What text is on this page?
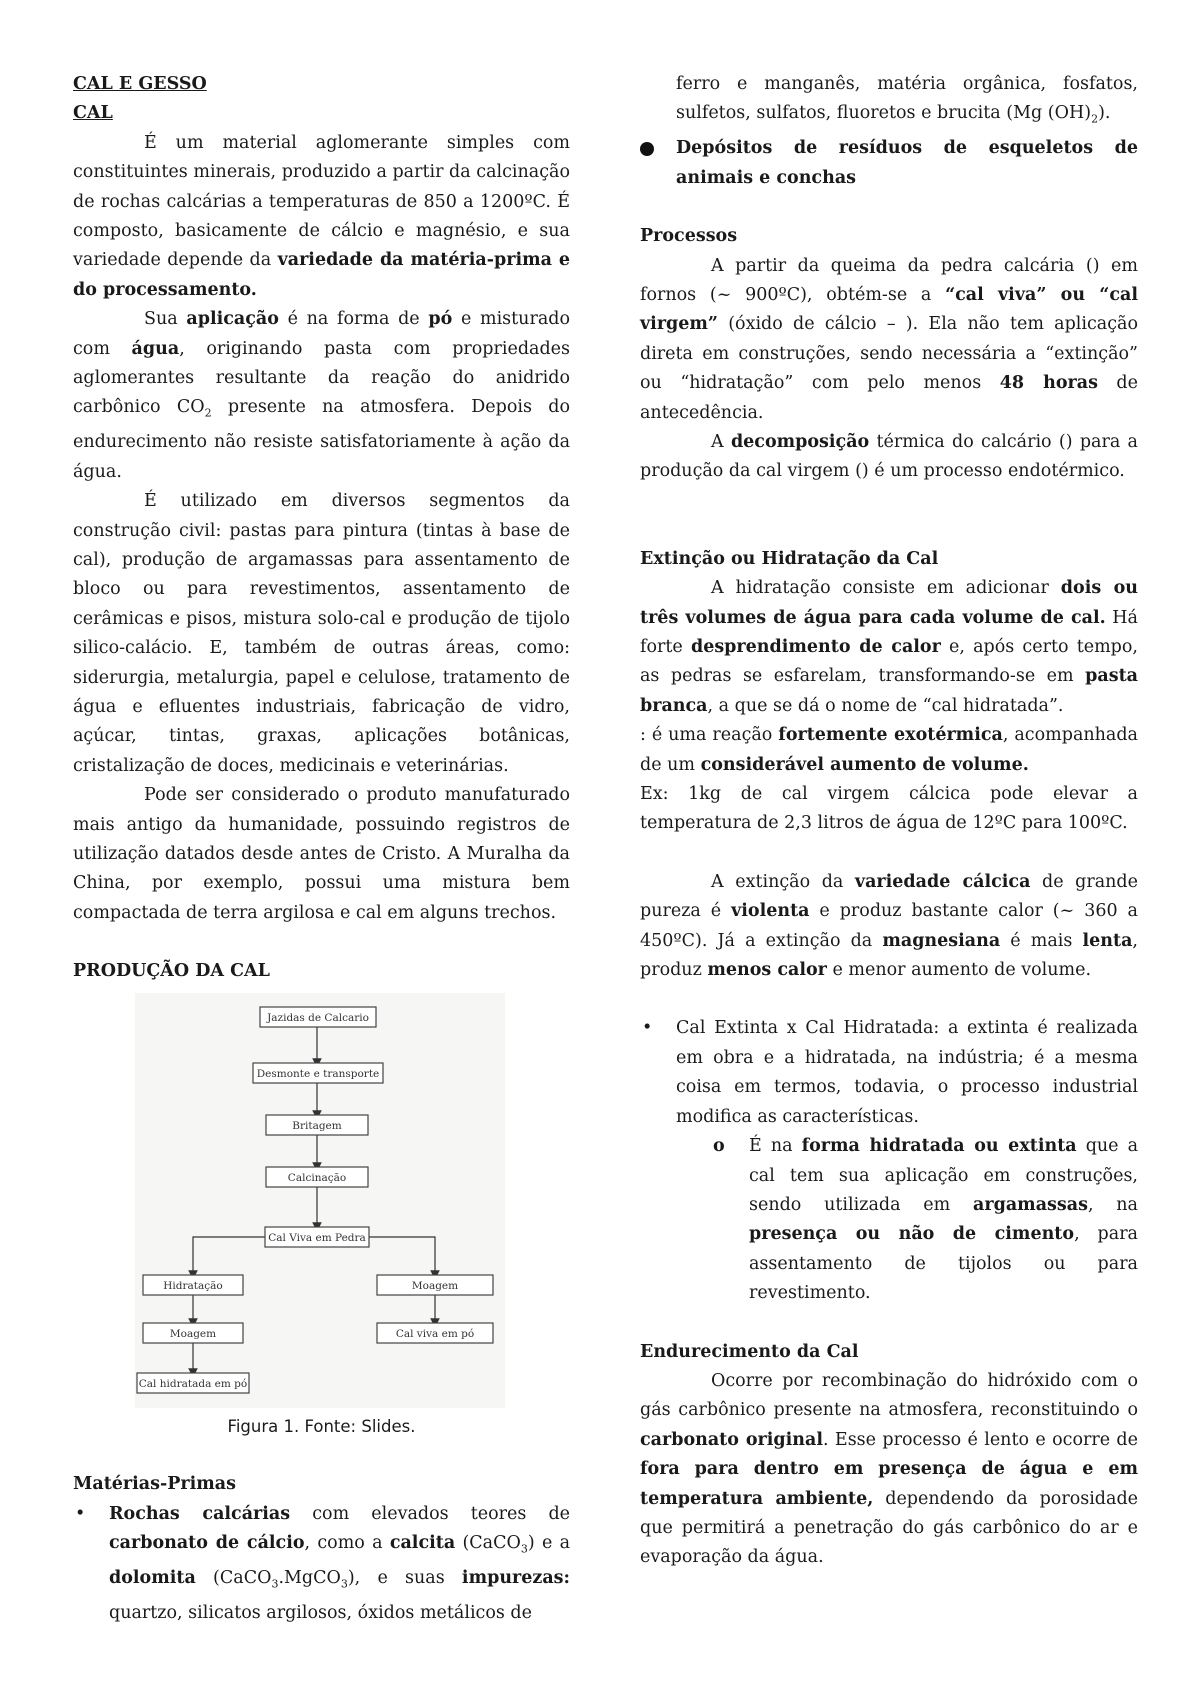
CAL E GESSO

CAL

É um material aglomerante simples com constituintes minerais, produzido a partir da calcinação de rochas calcárias a temperaturas de 850 a 1200ºC. É composto, basicamente de cálcio e magnésio, e sua variedade depende da variedade da matéria-prima e do processamento.

Sua aplicação é na forma de pó e misturado com água, originando pasta com propriedades aglomerantes resultante da reação do anidrido carbônico $CO_2$ presente na atmosfera. Depois do endurecimento não resiste satisfatoriamente à ação da água.

É utilizado em diversos segmentos da construção civil: pastas para pintura (tintas à base de cal), produção de argamassas para assentamento de bloco ou para revestimentos, assentamento de cerâmicas e pisos, mistura solo-cal e produção de tijolo silico-calácio. E, também de outras áreas, como: siderurgia, metalurgia, papel e celulose, tratamento de água e efluentes industriais, fabricação de vidro, açúcar, tintas, graxas, aplicações botânicas, cristalização de doces, medicinais e veterinárias.

Pode ser considerado o produto manufaturado mais antigo da humanidade, possuindo registros de utilização datados desde antes de Cristo. A Muralha da China, por exemplo, possui uma mistura bem compactada de terra argilosa e cal em alguns trechos.

PRODUÇÃO DA CAL

Jazidas de Calcario
Desmonte e transporte
Britagem
Calcinação
Cal Viva em Pedra
Hidratação	Moagem
Moagem	Cal viva em pó
Cal hidratada em pó

Figura 1. Fonte: Slides.

Matérias-Primas

• Rochas calcárias com elevados teores de carbonato de cálcio, como a calcita (CaCO$_3$) e a dolomita (CaCO$_3$.MgCO$_3$), e suas impurezas: quartzo, silicatos argilosos, óxidos metálicos de

ferro e manganês, matéria orgânica, fosfatos, sulfetos, sulfatos, fluoretos e brucita (Mg $(OH)_2$).

Depósitos de resíduos de esqueletos de animais e conchas

Processos

A partir da queima da pedra calcária () em fornos (~ 900ºC), obtém-se a “cal viva” ou “cal virgem” (óxido de cálcio – ). Ela não tem aplicação direta em construções, sendo necessária a “extinção” ou “hidratação” com pelo menos 48 horas de antecedência.

A decomposição térmica do calcário () para a produção da cal virgem () é um processo endotérmico.

Extinção ou Hidratação da Cal

A hidratação consiste em adicionar dois ou três volumes de água para cada volume de cal. Há forte desprendimento de calor e, após certo tempo, as pedras se esfarelam, transformando-se em pasta branca, a que se dá o nome de “cal hidratada”.

: é uma reação fortemente exotérmica, acompanhada de um considerável aumento de volume.

Ex: 1kg de cal virgem cálcica pode elevar a temperatura de 2,3 litros de água de 12ºC para 100ºC.

A extinção da variedade cálcica de grande pureza é violenta e produz bastante calor (~ 360 a 450ºC). Já a extinção da magnesiana é mais lenta, produz menos calor e menor aumento de volume.

• Cal Extinta x Cal Hidratada: a extinta é realizada em obra e a hidratada, na indústria; é a mesma coisa em termos, todavia, o processo industrial modifica as características.
o É na forma hidratada ou extinta que a cal tem sua aplicação em construções, sendo utilizada em argamassas, na presença ou não de cimento, para assentamento de tijolos ou para revestimento.

Endurecimento da Cal

Ocorre por recombinação do hidróxido com o gás carbônico presente na atmosfera, reconstituindo o carbonato original. Esse processo é lento e ocorre de fora para dentro em presença de água e em temperatura ambiente, dependendo da porosidade que permitirá a penetração do gás carbônico do ar e evaporação da água.
